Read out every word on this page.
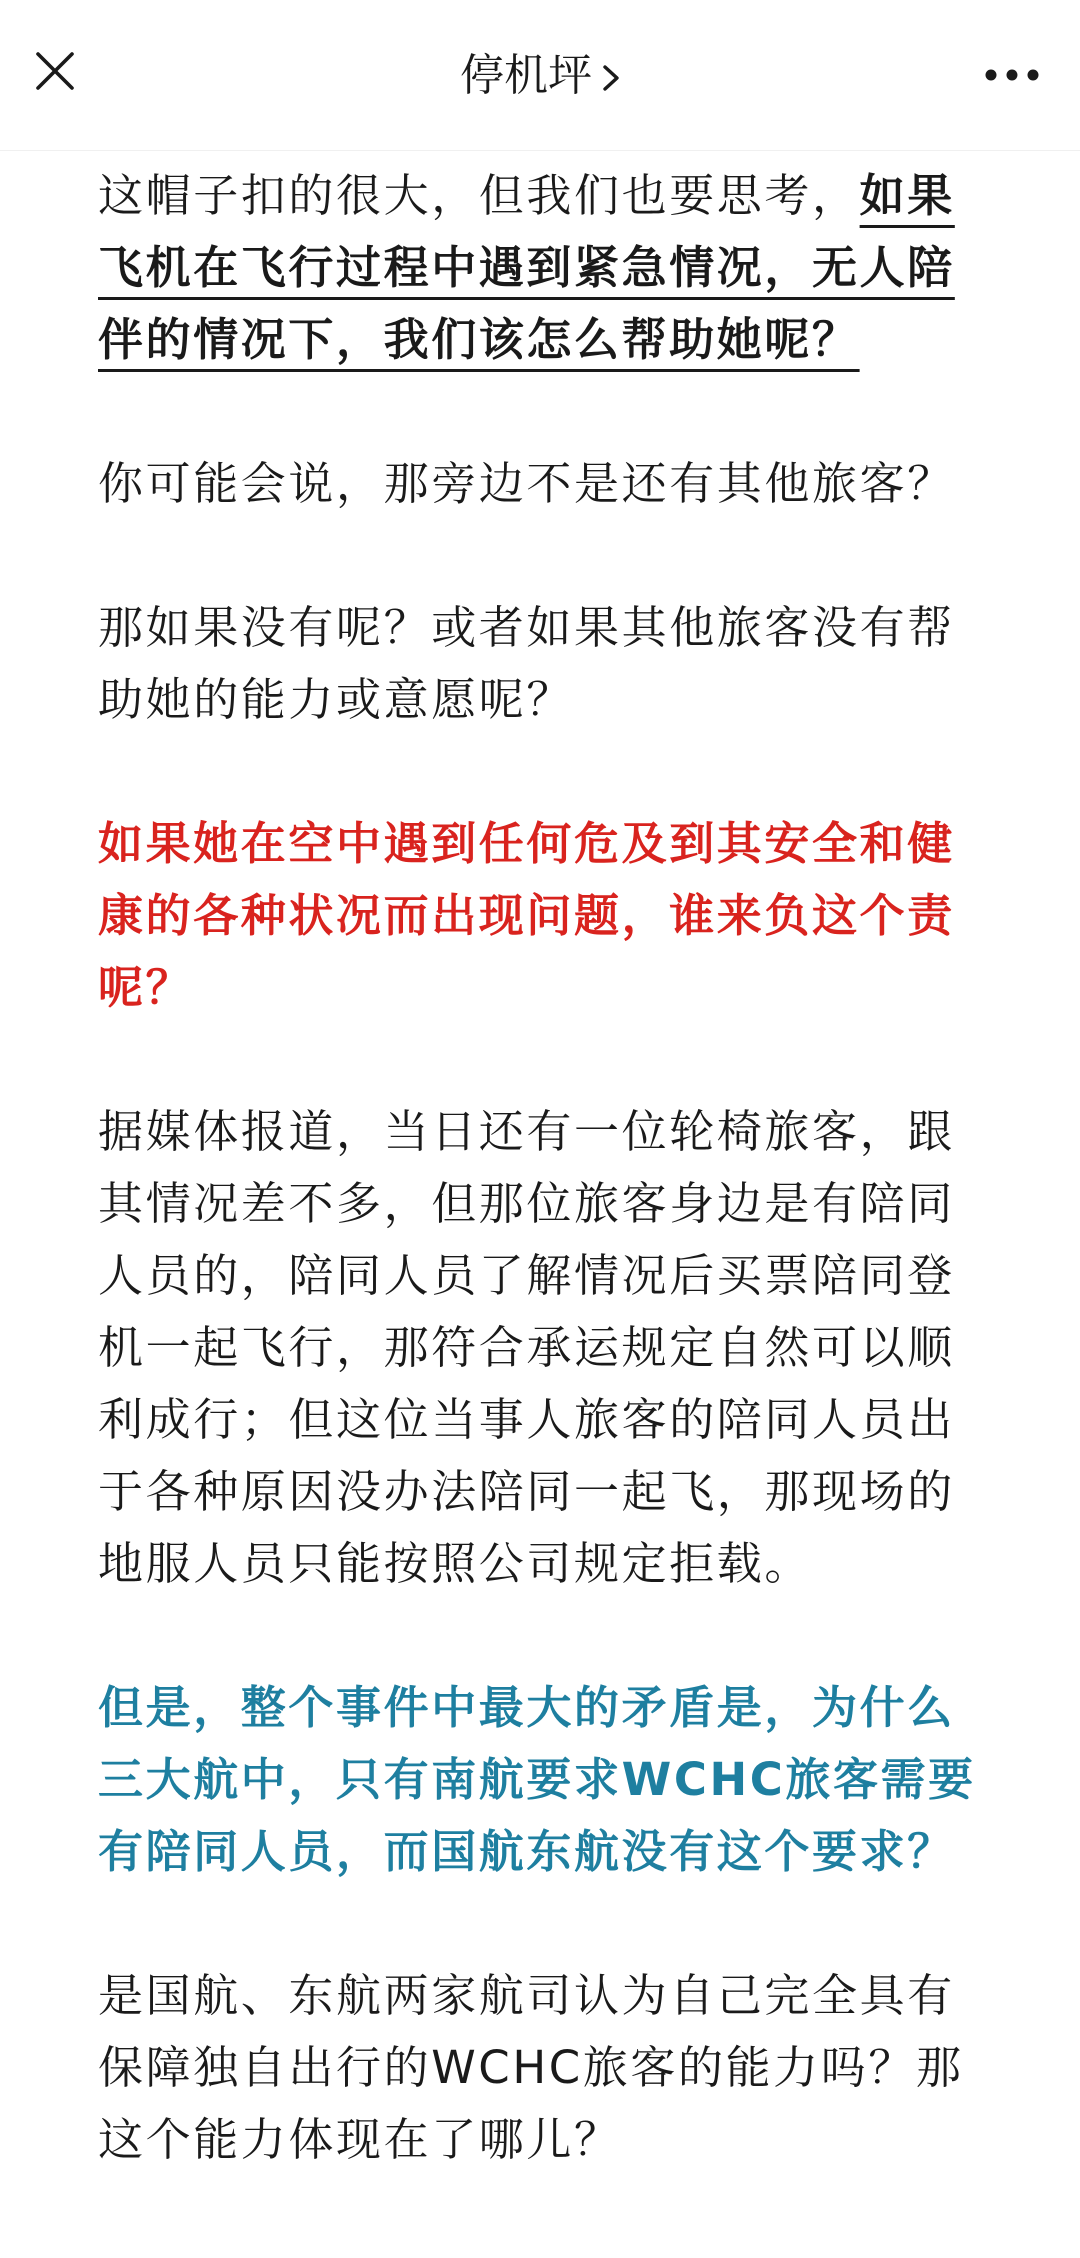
停机坪

这帽子扣的很大，但我们也要思考，如果飞机在飞行过程中遇到紧急情况，无人陪伴的情况下，我们该怎么帮助她呢？

你可能会说，那旁边不是还有其他旅客？

那如果没有呢？或者如果其他旅客没有帮助她的能力或意愿呢？

如果她在空中遇到任何危及到其安全和健康的各种状况而出现问题，谁来负这个责呢？

据媒体报道，当日还有一位轮椅旅客，跟其情况差不多，但那位旅客身边是有陪同人员的，陪同人员了解情况后买票陪同登机一起飞行，那符合承运规定自然可以顺利成行；但这位当事人旅客的陪同人员出于各种原因没办法陪同一起飞，那现场的地服人员只能按照公司规定拒载。

但是，整个事件中最大的矛盾是，为什么三大航中，只有南航要求WCHC旅客需要有陪同人员，而国航东航没有这个要求？

是国航、东航两家航司认为自己完全具有保障独自出行的WCHC旅客的能力吗？那这个能力体现在了哪儿？
